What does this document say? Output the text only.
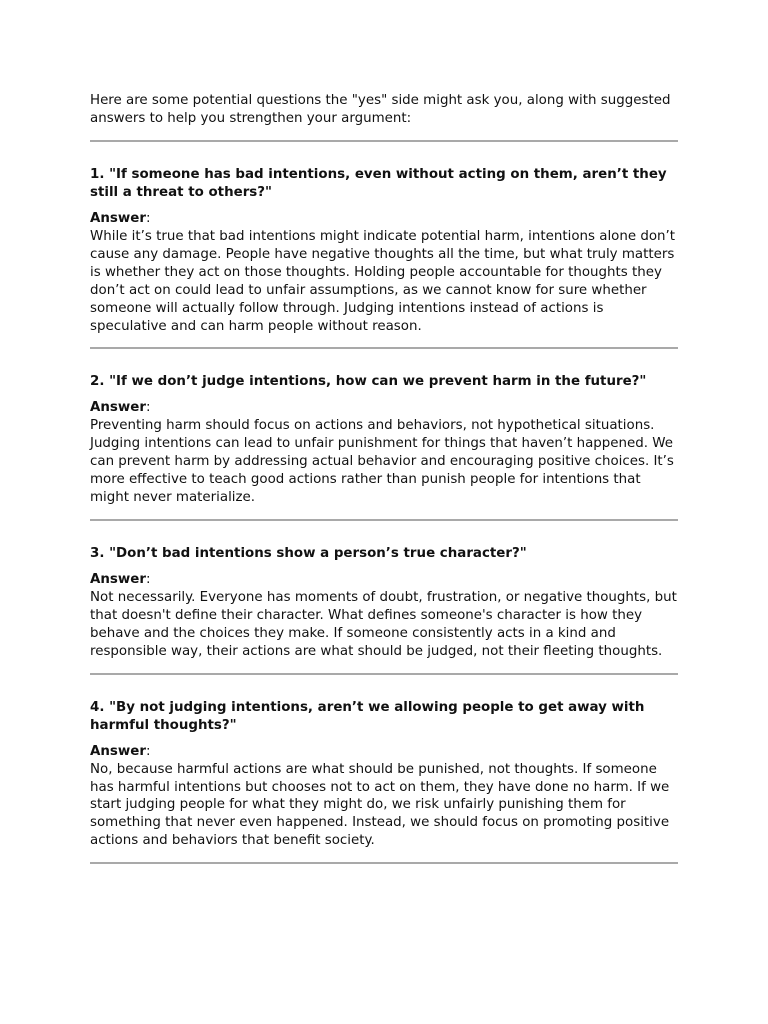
Here are some potential questions the "yes" side might ask you, along with suggested answers to help you strengthen your argument:

1. "If someone has bad intentions, even without acting on them, aren’t they still a threat to others?"

Answer:

While it’s true that bad intentions might indicate potential harm, intentions alone don’t cause any damage. People have negative thoughts all the time, but what truly matters is whether they act on those thoughts. Holding people accountable for thoughts they don’t act on could lead to unfair assumptions, as we cannot know for sure whether someone will actually follow through. Judging intentions instead of actions is speculative and can harm people without reason.

2. "If we don’t judge intentions, how can we prevent harm in the future?"

Answer:

Preventing harm should focus on actions and behaviors, not hypothetical situations. Judging intentions can lead to unfair punishment for things that haven’t happened. We can prevent harm by addressing actual behavior and encouraging positive choices. It’s more effective to teach good actions rather than punish people for intentions that might never materialize.

3. "Don’t bad intentions show a person’s true character?"

Answer:

Not necessarily. Everyone has moments of doubt, frustration, or negative thoughts, but that doesn't define their character. What defines someone's character is how they behave and the choices they make. If someone consistently acts in a kind and responsible way, their actions are what should be judged, not their fleeting thoughts.

4. "By not judging intentions, aren’t we allowing people to get away with harmful thoughts?"

Answer:

No, because harmful actions are what should be punished, not thoughts. If someone has harmful intentions but chooses not to act on them, they have done no harm. If we start judging people for what they might do, we risk unfairly punishing them for something that never even happened. Instead, we should focus on promoting positive actions and behaviors that benefit society.
